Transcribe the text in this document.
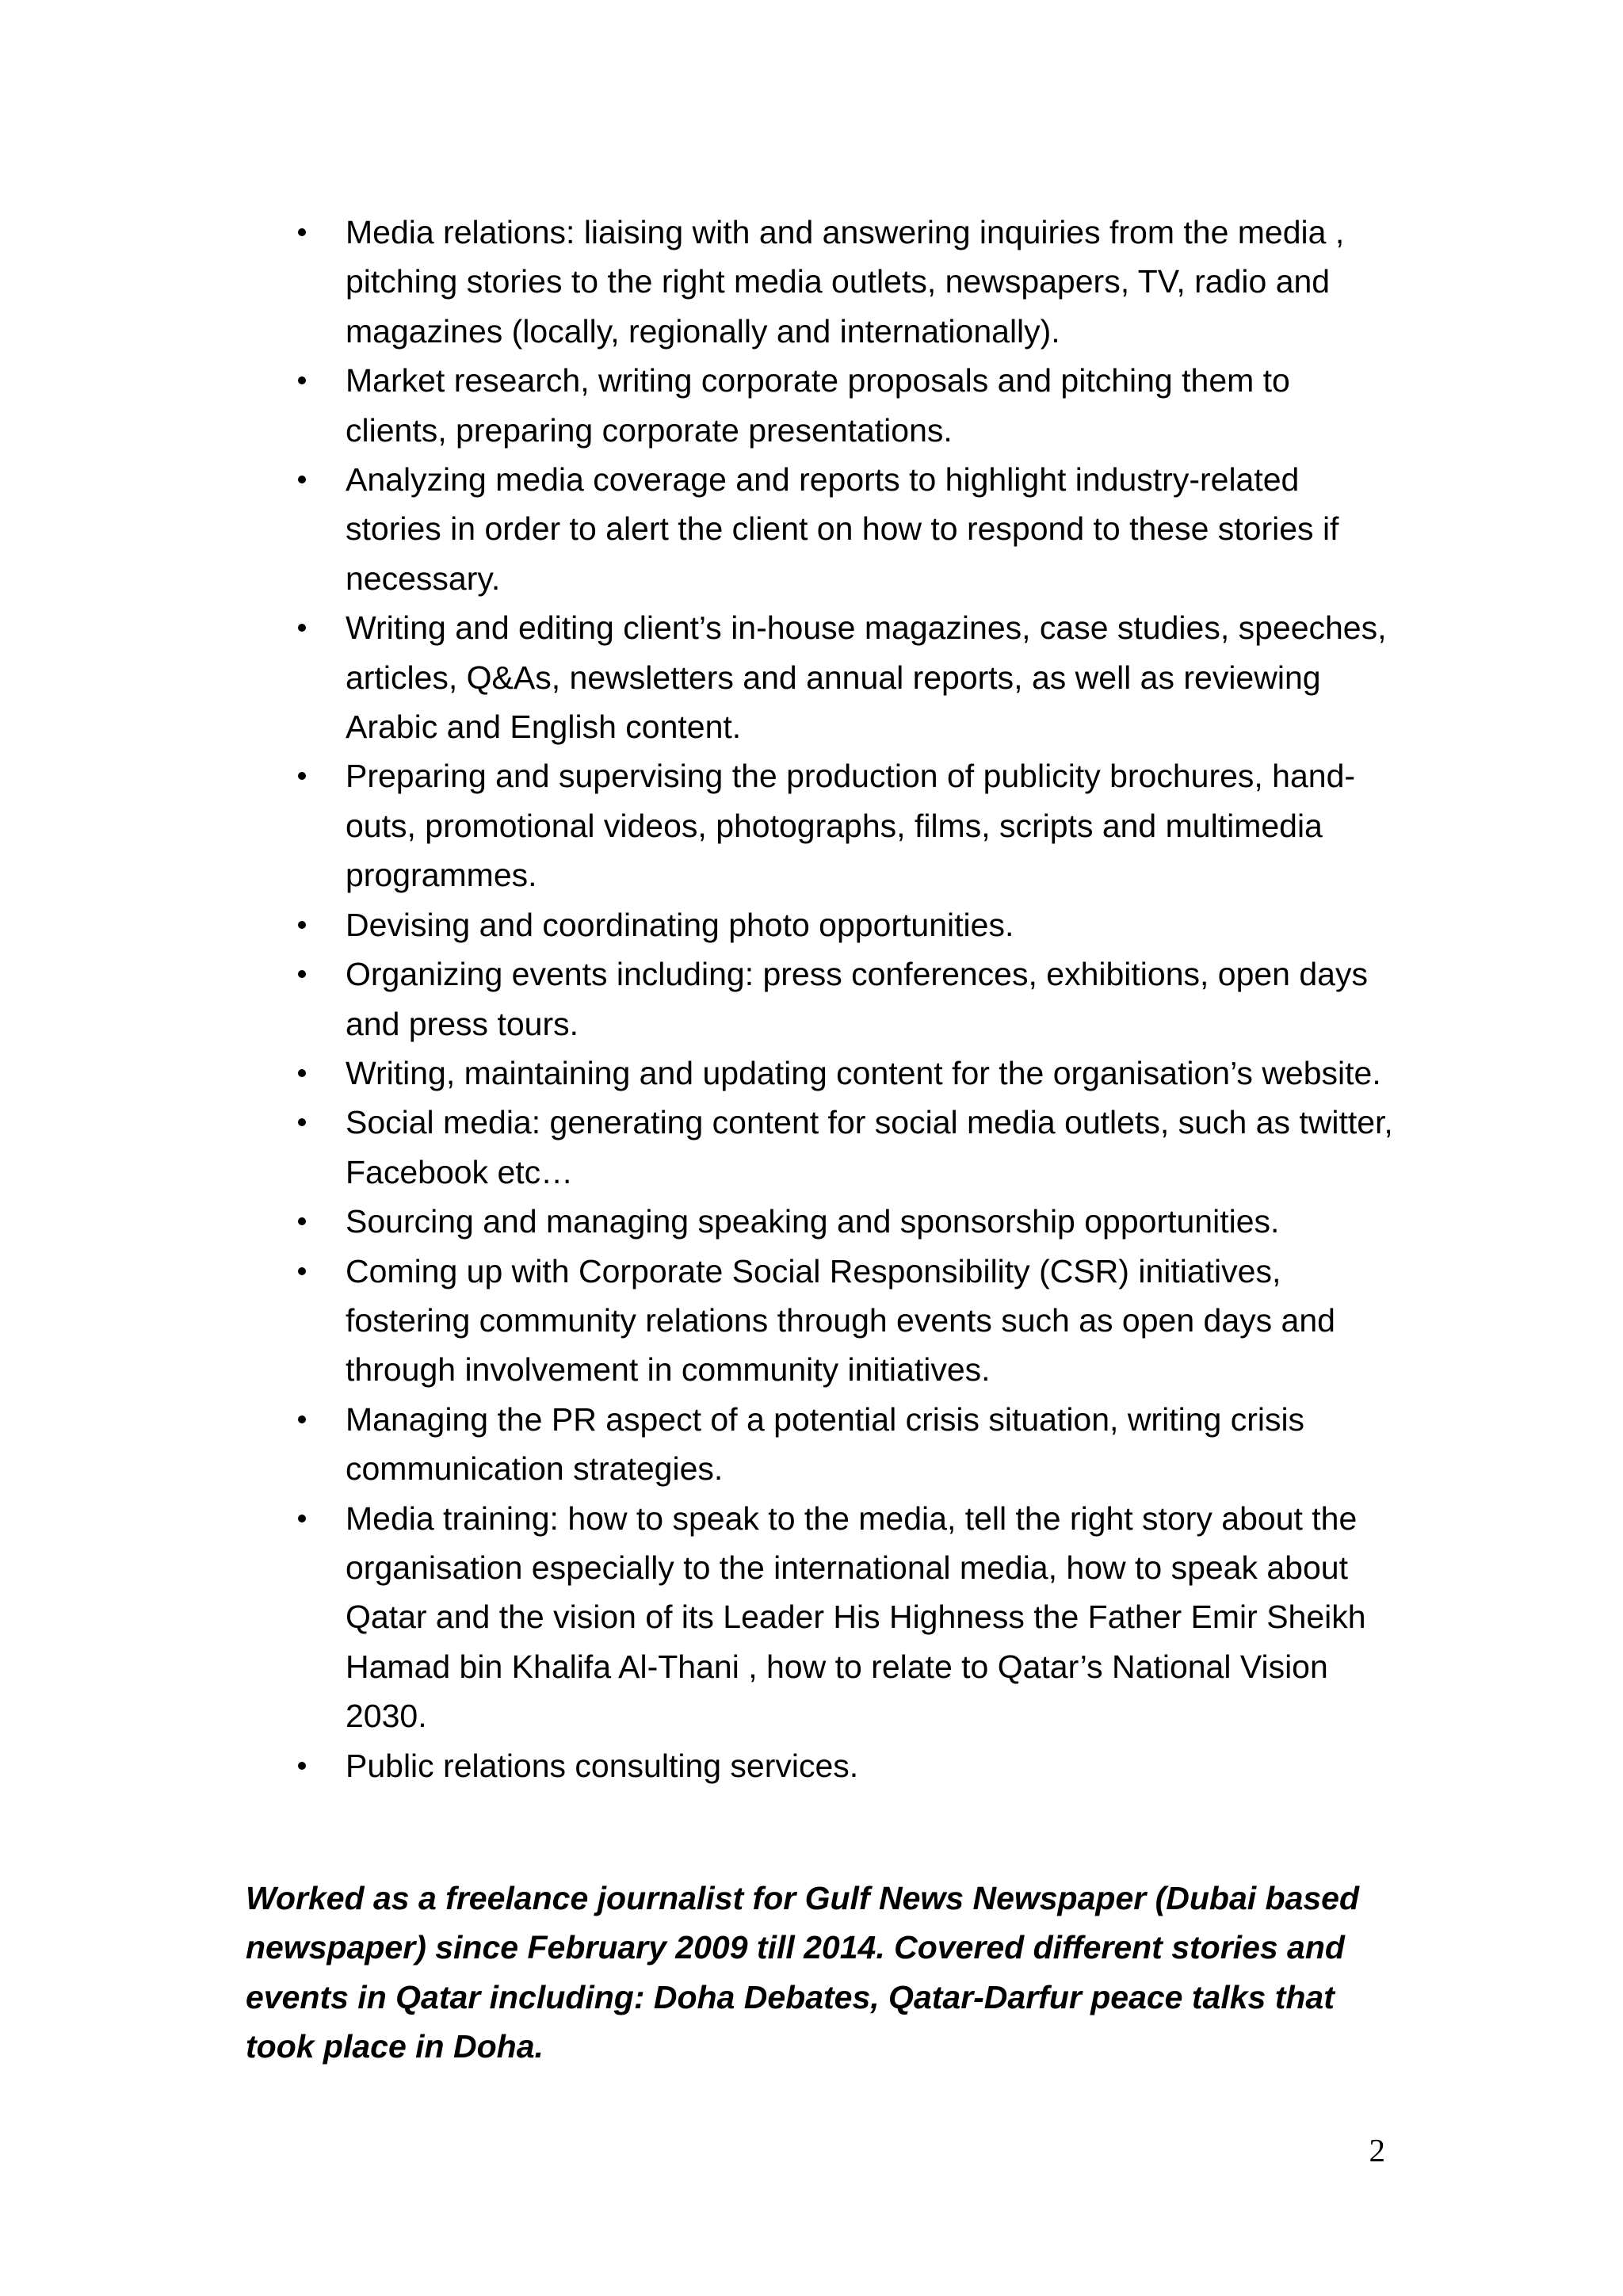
Media relations: liaising with and answering inquiries from the media , pitching stories to the right media outlets, newspapers, TV, radio and magazines (locally, regionally and internationally).
Market research, writing corporate proposals and pitching them to clients, preparing corporate presentations.
Analyzing media coverage and reports to highlight industry-related stories in order to alert the client on how to respond to these stories if necessary.
Writing and editing client’s in-house magazines, case studies, speeches, articles, Q&As, newsletters and annual reports, as well as reviewing Arabic and English content.
Preparing and supervising the production of publicity brochures, hand-outs, promotional videos, photographs, films, scripts and multimedia programmes.
Devising and coordinating photo opportunities.
Organizing events including: press conferences, exhibitions, open days and press tours.
Writing, maintaining and updating content for the organisation’s website.
Social media: generating content for social media outlets, such as twitter, Facebook etc…
Sourcing and managing speaking and sponsorship opportunities.
Coming up with Corporate Social Responsibility (CSR) initiatives, fostering community relations through events such as open days and through involvement in community initiatives.
Managing the PR aspect of a potential crisis situation, writing crisis communication strategies.
Media training: how to speak to the media, tell the right story about the organisation especially to the international media, how to speak about Qatar and the vision of its Leader His Highness the Father Emir Sheikh Hamad bin Khalifa Al-Thani , how to relate to Qatar’s National Vision 2030.
Public relations consulting services.

Worked as a freelance journalist for Gulf News Newspaper (Dubai based newspaper) since February 2009 till 2014. Covered different stories and events in Qatar including: Doha Debates, Qatar-Darfur peace talks that took place in Doha.

2
